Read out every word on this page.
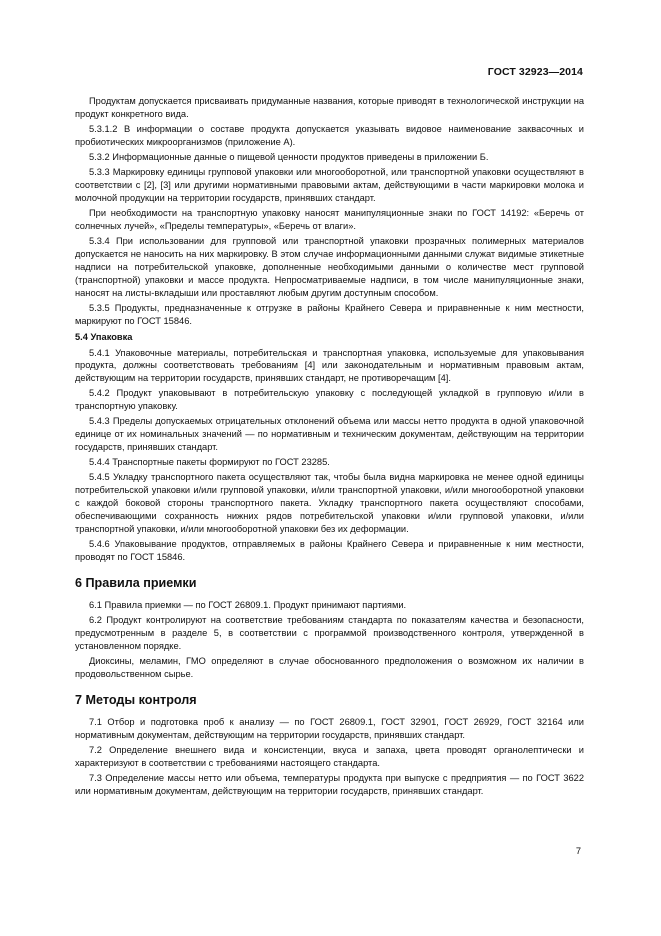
ГОСТ 32923—2014
Продуктам допускается присваивать придуманные названия, которые приводят в технологической инструкции на продукт конкретного вида.
5.3.1.2 В информации о составе продукта допускается указывать видовое наименование заквасочных и пробиотических микроорганизмов (приложение А).
5.3.2 Информационные данные о пищевой ценности продуктов приведены в приложении Б.
5.3.3 Маркировку единицы групповой упаковки или многооборотной, или транспортной упаковки осуществляют в соответствии с [2], [3] или другими нормативными правовыми актам, действующими в части маркировки молока и молочной продукции на территории государств, принявших стандарт.
При необходимости на транспортную упаковку наносят манипуляционные знаки по ГОСТ 14192: «Беречь от солнечных лучей», «Пределы температуры», «Беречь от влаги».
5.3.4 При использовании для групповой или транспортной упаковки прозрачных полимерных материалов допускается не наносить на них маркировку. В этом случае информационными данными служат видимые этикетные надписи на потребительской упаковке, дополненные необходимыми данными о количестве мест групповой (транспортной) упаковки и массе продукта. Непросматриваемые надписи, в том числе манипуляционные знаки, наносят на листы-вкладыши или проставляют любым другим доступным способом.
5.3.5 Продукты, предназначенные к отгрузке в районы Крайнего Севера и приравненные к ним местности, маркируют по ГОСТ 15846.
5.4 Упаковка
5.4.1 Упаковочные материалы, потребительская и транспортная упаковка, используемые для упаковывания продукта, должны соответствовать требованиям [4] или законодательным и нормативным правовым актам, действующим на территории государств, принявших стандарт, не противоречащим [4].
5.4.2 Продукт упаковывают в потребительскую упаковку с последующей укладкой в групповую и/или в транспортную упаковку.
5.4.3 Пределы допускаемых отрицательных отклонений объема или массы нетто продукта в одной упаковочной единице от их номинальных значений — по нормативным и техническим документам, действующим на территории государств, принявших стандарт.
5.4.4 Транспортные пакеты формируют по ГОСТ 23285.
5.4.5 Укладку транспортного пакета осуществляют так, чтобы была видна маркировка не менее одной единицы потребительской упаковки и/или групповой упаковки, и/или транспортной упаковки, и/или многооборотной упаковки с каждой боковой стороны транспортного пакета. Укладку транспортного пакета осуществляют способами, обеспечивающими сохранность нижних рядов потребительской упаковки и/или групповой упаковки, и/или транспортной упаковки, и/или многооборотной упаковки без их деформации.
5.4.6 Упаковывание продуктов, отправляемых в районы Крайнего Севера и приравненные к ним местности, проводят по ГОСТ 15846.
6 Правила приемки
6.1 Правила приемки — по ГОСТ 26809.1. Продукт принимают партиями.
6.2 Продукт контролируют на соответствие требованиям стандарта по показателям качества и безопасности, предусмотренным в разделе 5, в соответствии с программой производственного контроля, утвержденной в установленном порядке.
Диоксины, меламин, ГМО определяют в случае обоснованного предположения о возможном их наличии в продовольственном сырье.
7 Методы контроля
7.1 Отбор и подготовка проб к анализу — по ГОСТ 26809.1, ГОСТ 32901, ГОСТ 26929, ГОСТ 32164 или нормативным документам, действующим на территории государств, принявших стандарт.
7.2 Определение внешнего вида и консистенции, вкуса и запаха, цвета проводят органолептически и характеризуют в соответствии с требованиями настоящего стандарта.
7.3 Определение массы нетто или объема, температуры продукта при выпуске с предприятия — по ГОСТ 3622 или нормативным документам, действующим на территории государств, принявших стандарт.
7
